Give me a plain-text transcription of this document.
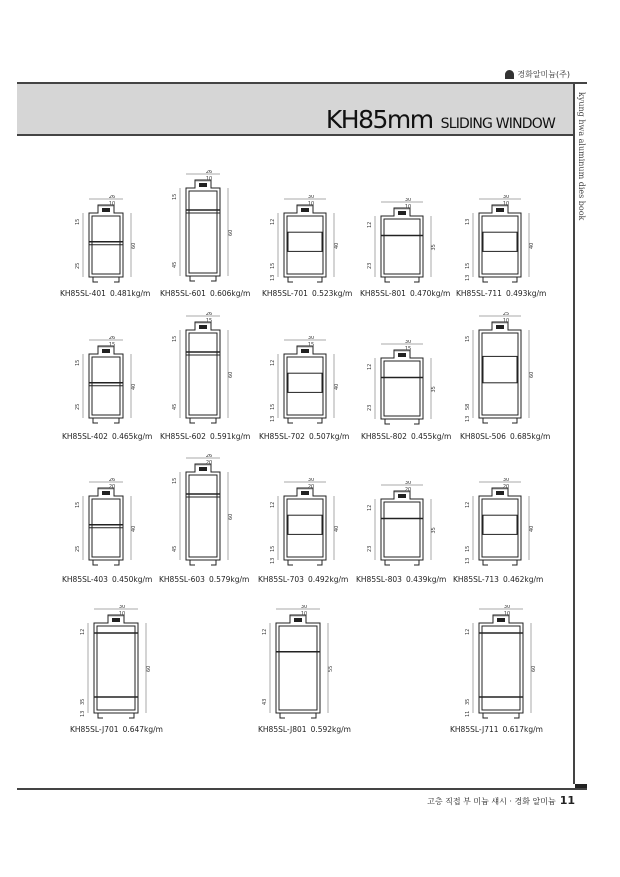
경화알미늄(주)
KH85mm SLIDING WINDOW	kyung hwa aluminum dies book
고층 직접 부 미늄 섀시 · 경화 알미늄 11
26
10
60
15
25
KH85SL-401 0.481kg/m
26
10
60
15
45
KH85SL-601 0.606kg/m
30
10
40
12
15
13
KH85SL-701 0.523kg/m
30
10
35
12
23
KH85SL-801 0.470kg/m
30
10
40
13
15
13
KH85SL-711 0.493kg/m
26
15
40
15
25
KH85SL-402 0.465kg/m
26
15
60
15
45
KH85SL-602 0.591kg/m
30
15
40
12
15
13
KH85SL-702 0.507kg/m
30
15
35
12
23
KH85SL-802 0.455kg/m
25
10
60
15
58
13
KH80SL-506 0.685kg/m
26
20
40
15
25
KH85SL-403 0.450kg/m
26
20
60
15
45
KH85SL-603 0.579kg/m
30
20
40
12
15
13
KH85SL-703 0.492kg/m
30
20
35
12
23
KH85SL-803 0.439kg/m
30
20
40
12
15
13
KH85SL-713 0.462kg/m
30
10
60
12
35
13
KH85SL-J701 0.647kg/m
30
10
55
12
43
KH85SL-J801 0.592kg/m
30
10
60
12
35
11
KH85SL-J711 0.617kg/m
